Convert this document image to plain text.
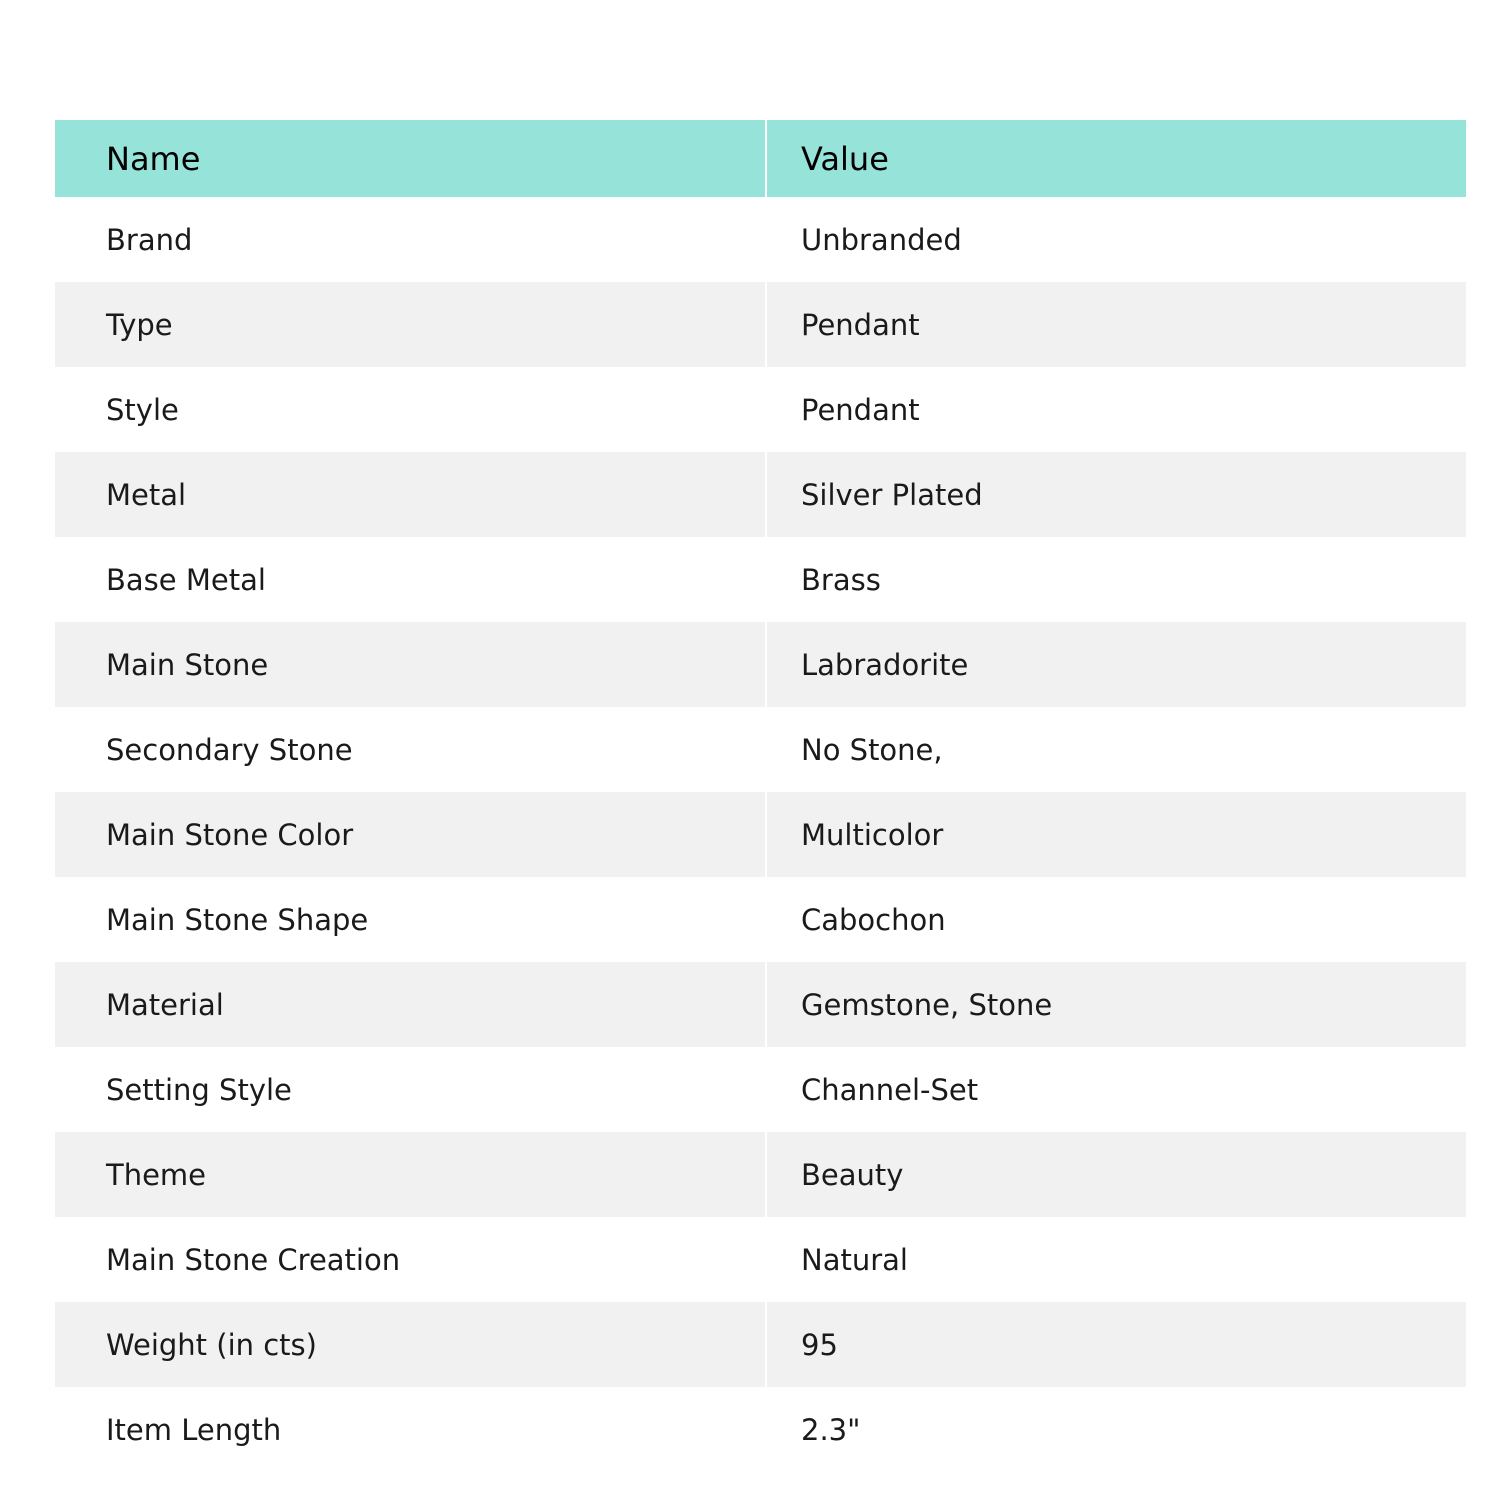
Name	Value
Brand	Unbranded
Type	Pendant
Style	Pendant
Metal	Silver Plated
Base Metal	Brass
Main Stone	Labradorite
Secondary Stone	No Stone,
Main Stone Color	Multicolor
Main Stone Shape	Cabochon
Material	Gemstone, Stone
Setting Style	Channel-Set
Theme	Beauty
Main Stone Creation	Natural
Weight (in cts)	95
Item Length	2.3"
